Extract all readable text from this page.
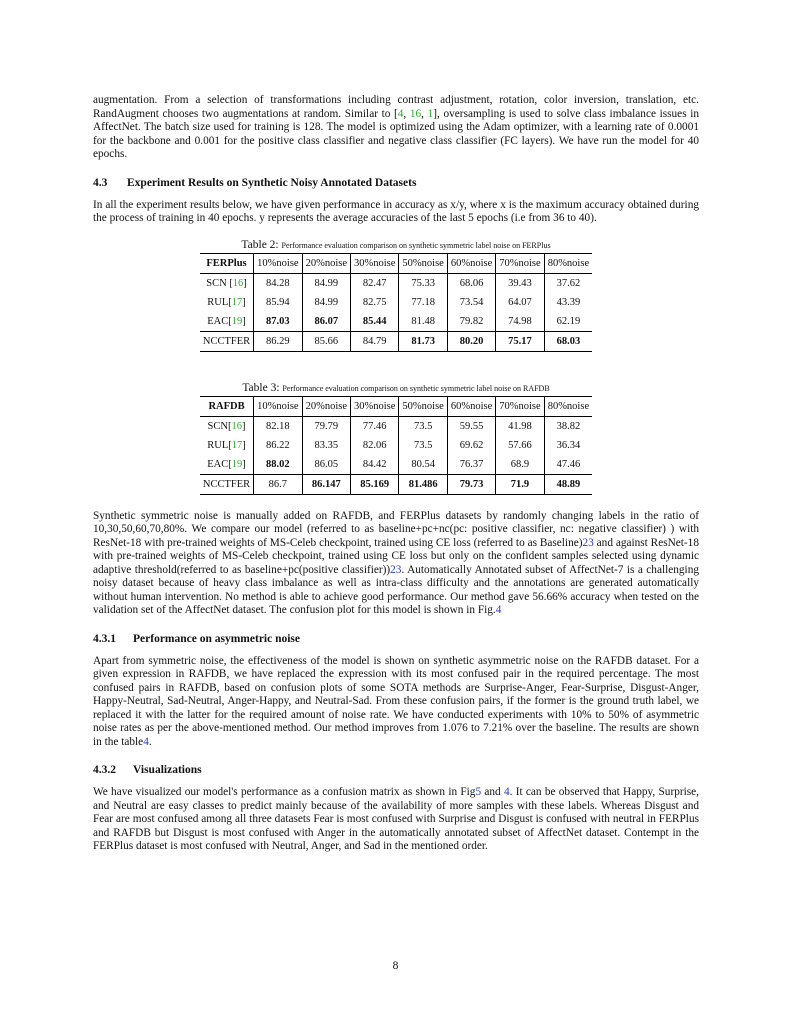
augmentation. From a selection of transformations including contrast adjustment, rotation, color inversion, translation, etc. RandAugment chooses two augmentations at random. Similar to [4, 16, 1], oversampling is used to solve class imbalance issues in AffectNet. The batch size used for training is 128. The model is optimized using the Adam optimizer, with a learning rate of 0.0001 for the backbone and 0.001 for the positive class classifier and negative class classifier (FC layers). We have run the model for 40 epochs.

4.3 Experiment Results on Synthetic Noisy Annotated Datasets

In all the experiment results below, we have given performance in accuracy as x/y, where x is the maximum accuracy obtained during the process of training in 40 epochs. y represents the average accuracies of the last 5 epochs (i.e from 36 to 40).

Table 2: Performance evaluation comparison on synthetic symmetric label noise on FERPlus
FERPlus	10%noise	20%noise	30%noise	50%noise	60%noise	70%noise	80%noise
SCN [16]	84.28	84.99	82.47	75.33	68.06	39.43	37.62
RUL[17]	85.94	84.99	82.75	77.18	73.54	64.07	43.39
EAC[19]	87.03	86.07	85.44	81.48	79.82	74.98	62.19
NCCTFER	86.29	85.66	84.79	81.73	80.20	75.17	68.03
Table 3: Performance evaluation comparison on synthetic symmetric label noise on RAFDB
RAFDB	10%noise	20%noise	30%noise	50%noise	60%noise	70%noise	80%noise
SCN[16]	82.18	79.79	77.46	73.5	59.55	41.98	38.82
RUL[17]	86.22	83.35	82.06	73.5	69.62	57.66	36.34
EAC[19]	88.02	86.05	84.42	80.54	76.37	68.9	47.46
NCCTFER	86.7	86.147	85.169	81.486	79.73	71.9	48.89

Synthetic symmetric noise is manually added on RAFDB, and FERPlus datasets by randomly changing labels in the ratio of 10,30,50,60,70,80%. We compare our model (referred to as baseline+pc+nc(pc: positive classifier, nc: negative classifier) ) with ResNet-18 with pre-trained weights of MS-Celeb checkpoint, trained using CE loss (referred to as Baseline)23 and against ResNet-18 with pre-trained weights of MS-Celeb checkpoint, trained using CE loss but only on the confident samples selected using dynamic adaptive threshold(referred to as baseline+pc(positive classifier))23. Automatically Annotated subset of AffectNet-7 is a challenging noisy dataset because of heavy class imbalance as well as intra-class difficulty and the annotations are generated automatically without human intervention. No method is able to achieve good performance. Our method gave 56.66% accuracy when tested on the validation set of the AffectNet dataset. The confusion plot for this model is shown in Fig.4

4.3.1 Performance on asymmetric noise

Apart from symmetric noise, the effectiveness of the model is shown on synthetic asymmetric noise on the RAFDB dataset. For a given expression in RAFDB, we have replaced the expression with its most confused pair in the required percentage. The most confused pairs in RAFDB, based on confusion plots of some SOTA methods are Surprise-Anger, Fear-Surprise, Disgust-Anger, Happy-Neutral, Sad-Neutral, Anger-Happy, and Neutral-Sad. From these confusion pairs, if the former is the ground truth label, we replaced it with the latter for the required amount of noise rate. We have conducted experiments with 10% to 50% of asymmetric noise rates as per the above-mentioned method. Our method improves from 1.076 to 7.21% over the baseline. The results are shown in the table4.

4.3.2 Visualizations

We have visualized our model's performance as a confusion matrix as shown in Fig5 and 4. It can be observed that Happy, Surprise, and Neutral are easy classes to predict mainly because of the availability of more samples with these labels. Whereas Disgust and Fear are most confused among all three datasets Fear is most confused with Surprise and Disgust is confused with neutral in FERPlus and RAFDB but Disgust is most confused with Anger in the automatically annotated subset of AffectNet dataset. Contempt in the FERPlus dataset is most confused with Neutral, Anger, and Sad in the mentioned order.

8
